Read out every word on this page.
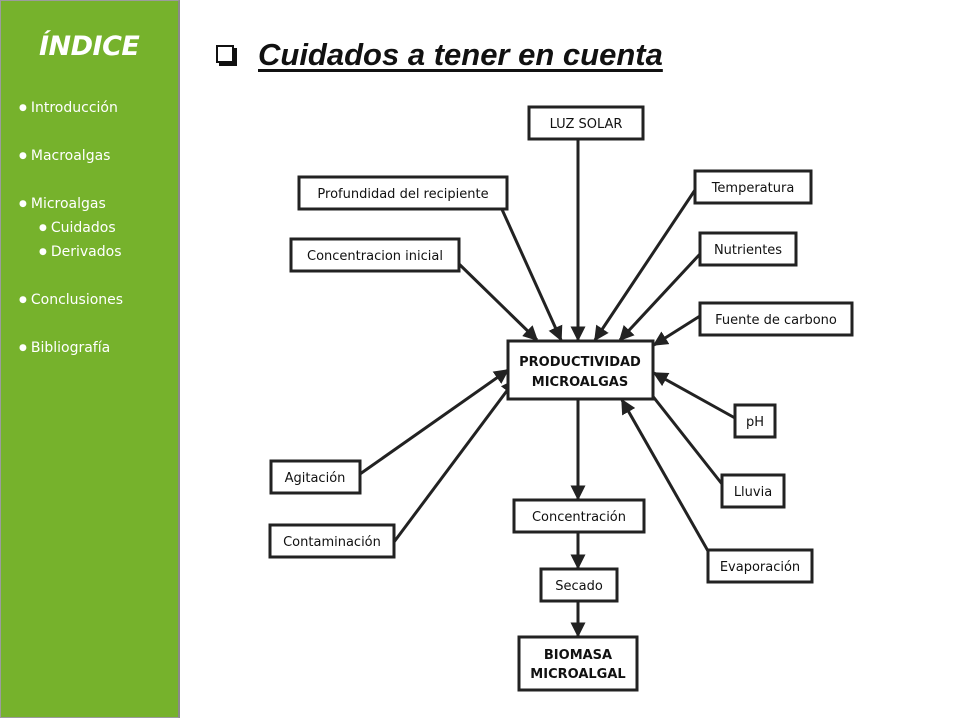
ÍNDICE
● Introducción
● Macroalgas
● Microalgas
● Cuidados
● Derivados
● Conclusiones
● Bibliografía
Cuidados a tener en cuenta
LUZ SOLAR
Profundidad del recipiente	Temperatura
Concentracion inicial	Nutrientes
Fuente de carbono
PRODUCTIVIDAD
MICROALGAS
pH
Agitación
Lluvia
Concentración
Contaminación
Evaporación
Secado
BIOMASA
MICROALGAL
